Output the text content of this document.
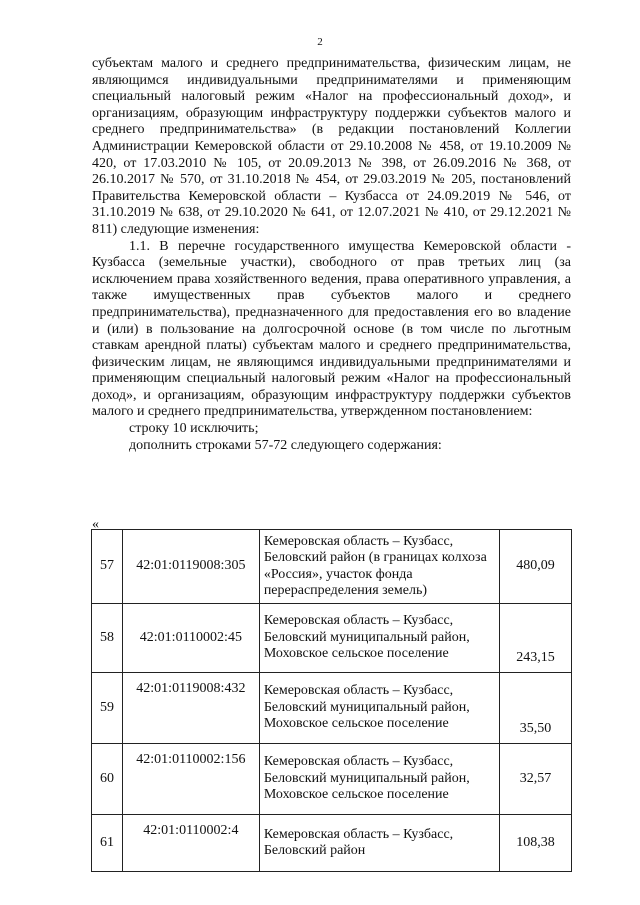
2

субъектам малого и среднего предпринимательства, физическим лицам, не являющимся индивидуальными предпринимателями и применяющим специальный налоговый режим «Налог на профессиональный доход», и организациям, образующим инфраструктуру поддержки субъектов малого и среднего предпринимательства» (в редакции постановлений Коллегии Администрации Кемеровской области от 29.10.2008 № 458, от 19.10.2009 № 420, от 17.03.2010 № 105, от 20.09.2013 № 398, от 26.09.2016 № 368, от 26.10.2017 № 570, от 31.10.2018 № 454, от 29.03.2019 № 205, постановлений Правительства Кемеровской области – Кузбасса от 24.09.2019 № 546, от 31.10.2019 № 638, от 29.10.2020 № 641, от 12.07.2021 № 410, от 29.12.2021 № 811) следующие изменения:

1.1. В перечне государственного имущества Кемеровской области - Кузбасса (земельные участки), свободного от прав третьих лиц (за исключением права хозяйственного ведения, права оперативного управления, а также имущественных прав субъектов малого и среднего предпринимательства), предназначенного для предоставления его во владение и (или) в пользование на долгосрочной основе (в том числе по льготным ставкам арендной платы) субъектам малого и среднего предпринимательства, физическим лицам, не являющимся индивидуальными предпринимателями и применяющим специальный налоговый режим «Налог на профессиональный доход», и организациям, образующим инфраструктуру поддержки субъектов малого и среднего предпринимательства, утвержденном постановлением:

строку 10 исключить;

дополнить строками 57-72 следующего содержания:

«
57	42:01:0119008:305	Кемеровская область – Кузбасс, Беловский район (в границах колхоза «Россия», участок фонда перераспределения земель)	480,09
58	42:01:0110002:45	Кемеровская область – Кузбасс, Беловский муниципальный район, Моховское сельское поселение	243,15
59	42:01:0119008:432	Кемеровская область – Кузбасс, Беловский муниципальный район, Моховское сельское поселение	35,50
60	42:01:0110002:156	Кемеровская область – Кузбасс, Беловский муниципальный район, Моховское сельское поселение	32,57
61	42:01:0110002:4	Кемеровская область – Кузбасс, Беловский район	108,38
